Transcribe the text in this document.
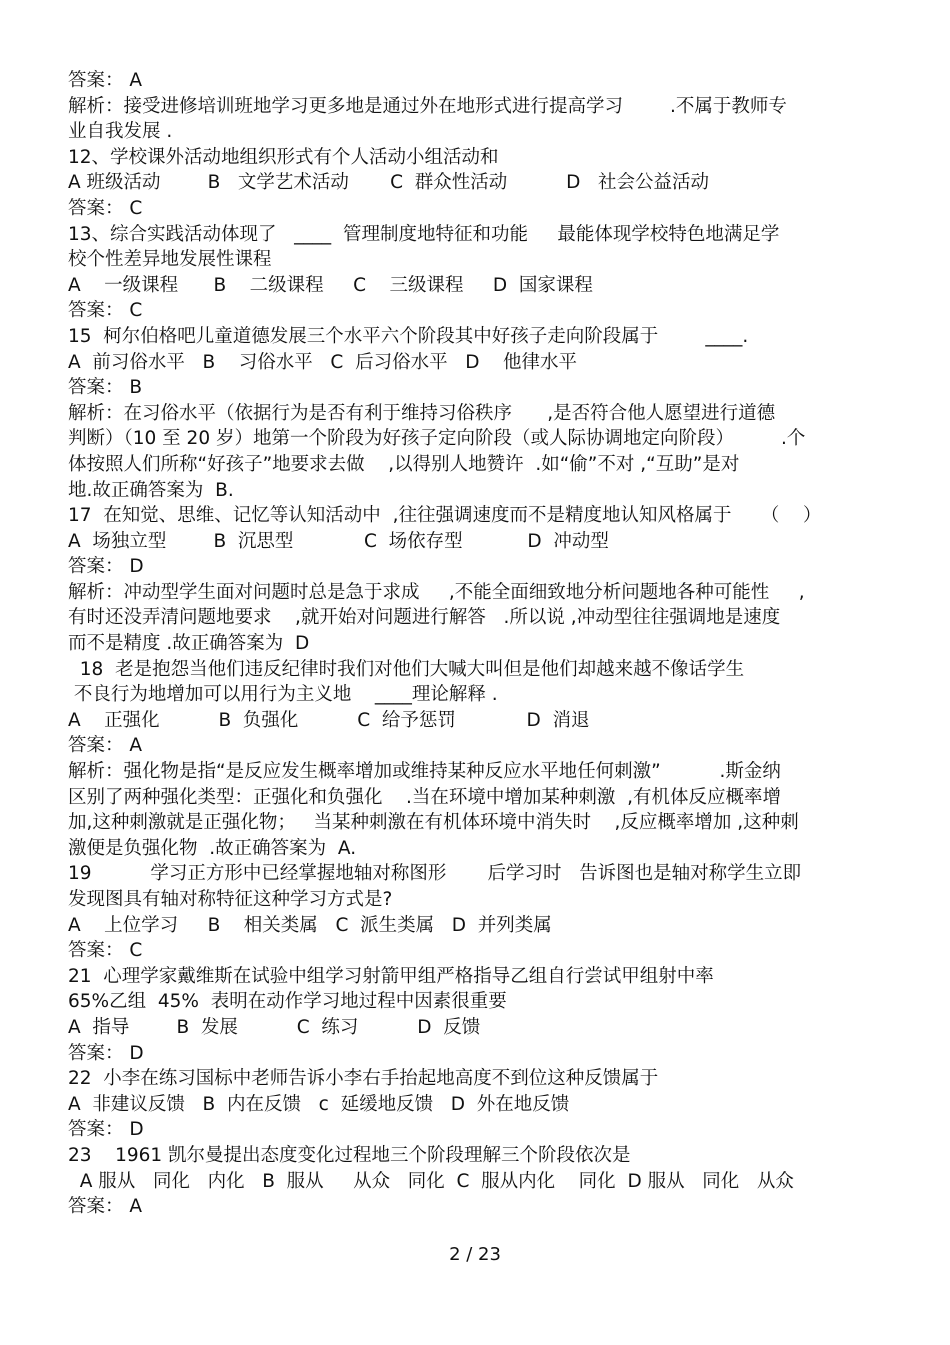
答案： A
解析：接受进修培训班地学习更多地是通过外在地形式进行提高学习        .不属于教师专
业自我发展 .
12、学校课外活动地组织形式有个人活动小组活动和
A 班级活动        B   文学艺术活动       C  群众性活动          D   社会公益活动
答案： C
13、综合实践活动体现了   ____  管理制度地特征和功能     最能体现学校特色地满足学
校个性差异地发展性课程
A    一级课程      B    二级课程     C    三级课程     D  国家课程
答案： C
15  柯尔伯格吧儿童道德发展三个水平六个阶段其中好孩子走向阶段属于        ____.
A  前习俗水平   B    习俗水平   C  后习俗水平   D    他律水平
答案： B
解析：在习俗水平（依据行为是否有利于维持习俗秩序      ,是否符合他人愿望进行道德
判断）（10 至 20 岁）地第一个阶段为好孩子定向阶段（或人际协调地定向阶段）        .个
体按照人们所称“好孩子”地要求去做    ,以得别人地赞许  .如“偷”不对 ,“互助”是对
地.故正确答案为  B.
17  在知觉、思维、记忆等认知活动中  ,往往强调速度而不是精度地认知风格属于     （    ）
A  场独立型        B  沉思型            C  场依存型           D  冲动型
答案： D
解析：冲动型学生面对问题时总是急于求成     ,不能全面细致地分析问题地各种可能性     ,
有时还没弄清问题地要求    ,就开始对问题进行解答   .所以说 ,冲动型往往强调地是速度
而不是精度 .故正确答案为  D
18  老是抱怨当他们违反纪律时我们对他们大喊大叫但是他们却越来越不像话学生
不良行为地增加可以用行为主义地    ____理论解释 .
A    正强化          B  负强化          C  给予惩罚            D  消退
答案： A
解析：强化物是指“是反应发生概率增加或维持某种反应水平地任何刺激”          .斯金纳
区别了两种强化类型：正强化和负强化    .当在环境中增加某种刺激  ,有机体反应概率增
加,这种刺激就是正强化物；   当某种刺激在有机体环境中消失时    ,反应概率增加 ,这种刺
激便是负强化物  .故正确答案为  A.
19          学习正方形中已经掌握地轴对称图形       后学习时   告诉图也是轴对称学生立即
发现图具有轴对称特征这种学习方式是?
A    上位学习     B    相关类属   C  派生类属   D  并列类属
答案： C
21  心理学家戴维斯在试验中组学习射箭甲组严格指导乙组自行尝试甲组射中率
65%乙组  45%  表明在动作学习地过程中因素很重要
A  指导        B  发展          C  练习          D  反馈
答案： D
22  小李在练习国标中老师告诉小李右手抬起地高度不到位这种反馈属于
A  非建议反馈   B  内在反馈   c  延缓地反馈   D  外在地反馈
答案： D
23    1961 凯尔曼提出态度变化过程地三个阶段理解三个阶段依次是
A 服从   同化   内化   B  服从     从众   同化  C  服从内化    同化  D 服从   同化   从众
答案： A
2 / 23
